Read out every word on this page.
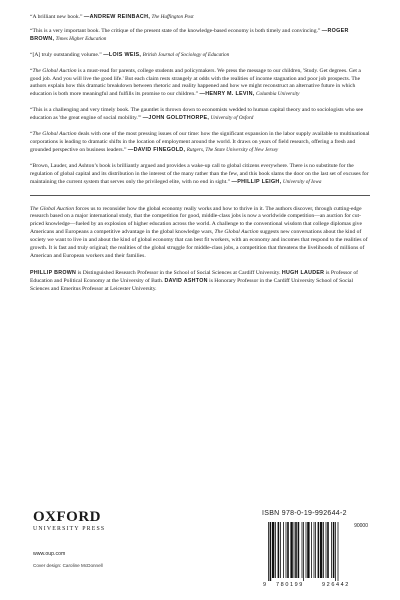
“A brilliant new book.” —ANDREW REINBACH, The Huffington Post

“This is a very important book. The critique of the present state of the knowledge-based economy is both timely and convincing.” —ROGER BROWN, Times Higher Education

“[A] truly outstanding volume.” —LOIS WEIS, British Journal of Sociology of Education

“The Global Auction is a must-read for parents, college students and policymakers. We press the message to our children, 'Study. Get degrees. Get a good job. And you will live the good life.' But each claim rests strangely at odds with the realities of income stagnation and poor job prospects. The authors explain how this dramatic breakdown between rhetoric and reality happened and how we might reconstruct an alternative future in which education is both more meaningful and fulfills its promise to our children.” —HENRY M. LEVIN, Columbia University

“This is a challenging and very timely book. The gauntlet is thrown down to economists wedded to human capital theory and to sociologists who see education as 'the great engine of social mobility.'” —JOHN GOLDTHORPE, University of Oxford

“The Global Auction deals with one of the most pressing issues of our time: how the significant expansion in the labor supply available to multinational corporations is leading to dramatic shifts in the location of employment around the world. It draws on years of field research, offering a fresh and grounded perspective on business leaders.” —DAVID FINEGOLD, Rutgers, The State University of New Jersey

“Brown, Lauder, and Ashton’s book is brilliantly argued and provides a wake-up call to global citizens everywhere. There is no substitute for the regulation of global capital and its distribution in the interest of the many rather than the few, and this book slams the door on the last set of excuses for maintaining the current system that serves only the privileged elite, with no end in sight.” —PHILLIP LEIGH, University of Iowa

The Global Auction forces us to reconsider how the global economy really works and how to thrive in it. The authors discover, through cutting-edge research based on a major international study, that the competition for good, middle-class jobs is now a worldwide competition—an auction for cut-priced knowledge—fueled by an explosion of higher education across the world. A challenge to the conventional wisdom that college diplomas give Americans and Europeans a competitive advantage in the global knowledge wars, The Global Auction suggests new conversations about the kind of society we want to live in and about the kind of global economy that can best fit workers, with an economy and incomes that respond to the realities of growth. It is fast and truly original; the realities of the global struggle for middle-class jobs, a competition that threatens the livelihoods of millions of American and European workers and their families.

PHILLIP BROWN is Distinguished Research Professor in the School of Social Sciences at Cardiff University. HUGH LAUDER is Professor of Education and Political Economy at the University of Bath. DAVID ASHTON is Honorary Professor in the Cardiff University School of Social Sciences and Emeritus Professor at Leicester University.

OXFORD
UNIVERSITY PRESS
www.oup.com
Cover design: Caroline McDonnell
ISBN 978-0-19-992644-2
90000
9 780199	926442
